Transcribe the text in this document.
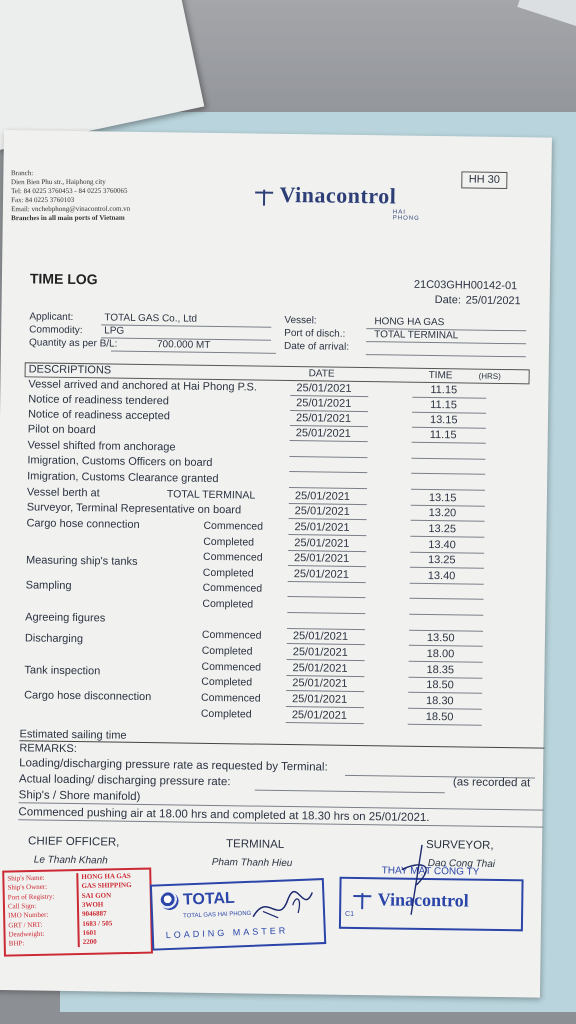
HH 30
Branch:
Dien Bien Phu str., Haiphong city
Tel: 84 0225 3760453 - 84 0225 3760065
Fax: 84 0225 3760103
Email: vnchebphong@vinacontrol.com.vn
Branches in all main ports of Vietnam
Vinacontrol
HAI PHONG
TIME LOG	21C03GHH00142-01
Date: 25/01/2021
Applicant:	TOTAL GAS Co., Ltd
Commodity: LPG
Quantity as per B/L:	700.000 MT
Vessel:	HONG HA GAS
Port of disch.:	TOTAL TERMINAL
Date of arrival:
DESCRIPTIONS	DATE	TIME	(HRS)
Vessel arrived and anchored at Hai Phong P.S.	25/01/2021	11.15
Notice of readiness tendered	25/01/2021	11.15
Notice of readiness accepted	25/01/2021	13.15
Pilot on board	25/01/2021	11.15
Vessel shifted from anchorage
Imigration, Customs Officers on board
Imigration, Customs Clearance granted
Vessel berth at	TOTAL TERMINAL	25/01/2021	13.15
Surveyor, Terminal Representative on board	25/01/2021	13.20
Cargo hose connection	Commenced	25/01/2021	13.25
Completed	25/01/2021	13.40
Measuring ship's tanks	Commenced	25/01/2021	13.25
Completed	25/01/2021	13.40
Sampling	Commenced
Completed
Agreeing figures
Discharging	Commenced	25/01/2021	13.50
Completed	25/01/2021	18.00
Tank inspection	Commenced	25/01/2021	18.35
Completed	25/01/2021	18.50
Cargo hose disconnection	Commenced	25/01/2021	18.30
Completed	25/01/2021	18.50
Estimated sailing time
REMARKS:
Loading/discharging pressure rate as requested by Terminal:
Actual loading/ discharging pressure rate:	(as recorded at
Ship's / Shore manifold)
Commenced pushing air at 18.00 hrs and completed at 18.30 hrs on 25/01/2021.
CHIEF OFFICER,
Le Thanh Khanh
TERMINAL
Pham Thanh Hieu
SURVEYOR,
Dao Cong Thai
Ship's Name:	HONG HA GAS
Ship's Owner:	GAS SHIPPING
Port of Registry:	SAI GON
Call Sign:	3WOH
IMO Number:	9046887
GRT / NRT:	1683 / 505
Deadweight:	1601
BHP:	2200
TOTAL
TOTAL GAS HAI PHONG
LOADING MASTER
THAY MẶT CÔNG TY
Vinacontrol
C1
